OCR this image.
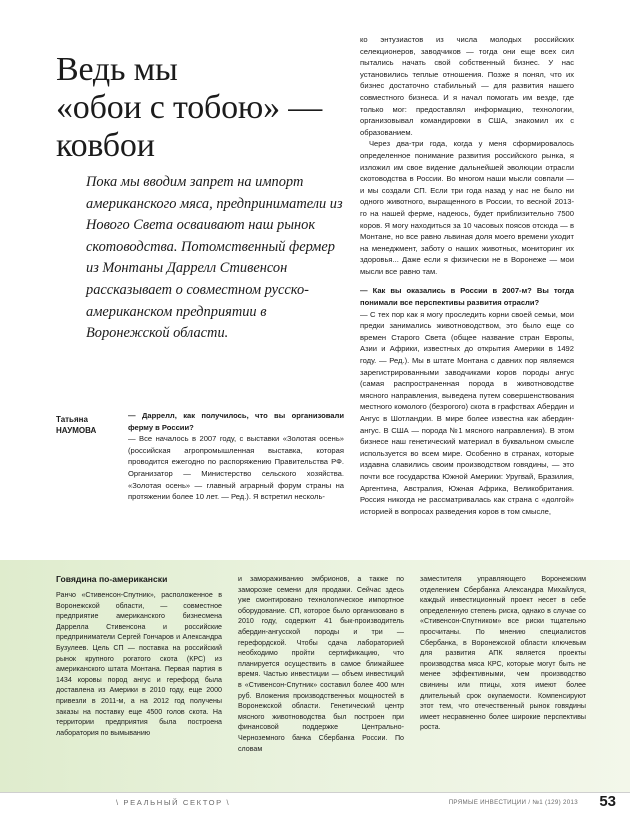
Ведь мы
«обои с тобою» —
ковбои
Пока мы вводим запрет на импорт американского мяса, предприниматели из Нового Света осваивают наш рынок скотоводства. Потомственный фермер из Монтаны Даррелл Стивенсон рассказывает о совместном русско-американском предприятии в Воронежской области.
Татьяна НАУМОВА

— Даррелл, как получилось, что вы организовали ферму в России?

— Все началось в 2007 году, с выставки «Золотая осень» (российская агропромышленная выставка, которая проводится ежегодно по распоряжению Правительства РФ. Организатор — Министерство сельского хозяйства. «Золотая осень» — главный аграрный форум страны на протяжении более 10 лет. — Ред.). Я встретил несколь-

ко энтузиастов из числа молодых российских селекционеров, заводчиков — тогда они еще всех сил пытались начать свой собственный бизнес. У нас установились теплые отношения. Позже я понял, что их бизнес достаточно стабильный — для развития нашего совместного бизнеса. И я начал помогать им везде, где только мог: предоставлял информацию, технологии, организовывал командировки в США, знакомил их с образованием.

Через два-три года, когда у меня сформировалось определенное понимание развития российского рынка, я изложил им свое видение дальнейшей эволюции отрасли скотоводства в России. Во многом наши мысли совпали — и мы создали СП. Если три года назад у нас не было ни одного животного, выращенного в России, то весной 2013-го на нашей ферме, надеюсь, будет приблизительно 7500 коров. Я могу находиться за 10 часовых поясов отсюда — в Монтане, но все равно львиная доля моего времени уходит на менеджмент, заботу о наших животных, мониторинг их здоровья... Даже если я физически не в Воронеже — мои мысли все равно там.

— Как вы оказались в России в 2007-м? Вы тогда понимали все перспективы развития отрасли?

— С тех пор как я могу проследить корни своей семьи, мои предки занимались животноводством, это было еще со времен Старого Света (общее название стран Европы, Азии и Африки, известных до открытия Америки в 1492 году. — Ред.). Мы в штате Монтана с давних пор являемся зарегистрированными заводчиками коров породы ангус (самая распространенная порода в животноводстве мясного направления, выведена путем совершенствования местного комолого (безрогого) скота в графствах Абердин и Ангус в Шотландии. В мире более известна как абердин-ангус. В США — порода №1 мясного направления). В этом бизнесе наш генетический материал в буквальном смысле используется во всем мире. Особенно в странах, которые издавна славились своим производством говядины, — это почти все государства Южной Америки: Уругвай, Бразилия, Аргентина, Австралия, Южная Африка, Великобритания. Россия никогда не рассматривалась как страна с «долгой» историей в вопросах разведения коров в том смысле,

Говядина по-американски

Ранчо «Стивенсон-Спутник», расположенное в Воронежской области, — совместное предприятие американского бизнесмена Даррелла Стивенсона и российские предприниматели Сергей Гончаров и Александра Бузулеев. Цель СП — поставка на российский рынок крупного рогатого скота (КРС) из американского штата Монтана. Первая партия в 1434 коровы пород ангус и герефорд была доставлена из Америки в 2010 году, еще 2000 привезли в 2011-м, а на 2012 год получены заказы на поставку еще 4500 голов скота. На территории предприятия была построена лаборатория по вымыванию

и замораживанию эмбрионов, а также по заморозке семени для продажи. Сейчас здесь уже смонтировано технологическое импортное оборудование. СП, которое было организовано в 2010 году, содержит 41 бык-производитель абердин-ангусской породы и три — герефордской. Чтобы сдача лабораторией необходимо пройти сертификацию, что планируется осуществить в самое ближайшее время. Частью инвестиции — объем инвестиций в «Стивенсон-Спутник» составил более 400 млн руб. Вложения производственных мощностей в Воронежской области. Генетический центр мясного животноводства был построен при финансовой поддержке Центрально-Черноземного банка Сбербанка России. По словам

заместителя управляющего Воронежским отделением Сбербанка Александра Михайлуся, каждый инвестиционный проект несет в себе определенную степень риска, однако в случае со «Стивенсон-Спутником» все риски тщательно просчитаны. По мнению специалистов Сбербанка, в Воронежской области ключевым для развития АПК является проекты производства мяса КРС, которые могут быть не менее эффективными, чем производство свинины или птицы, хотя имеют более длительный срок окупаемости. Компенсируют этот тем, что отечественный рынок говядины имеет несравненно более широкие перспективы роста.

\ РЕАЛЬНЫЙ СЕКТОР \	ПРЯМЫЕ ИНВЕСТИЦИИ / №1 (129) 2013 53
